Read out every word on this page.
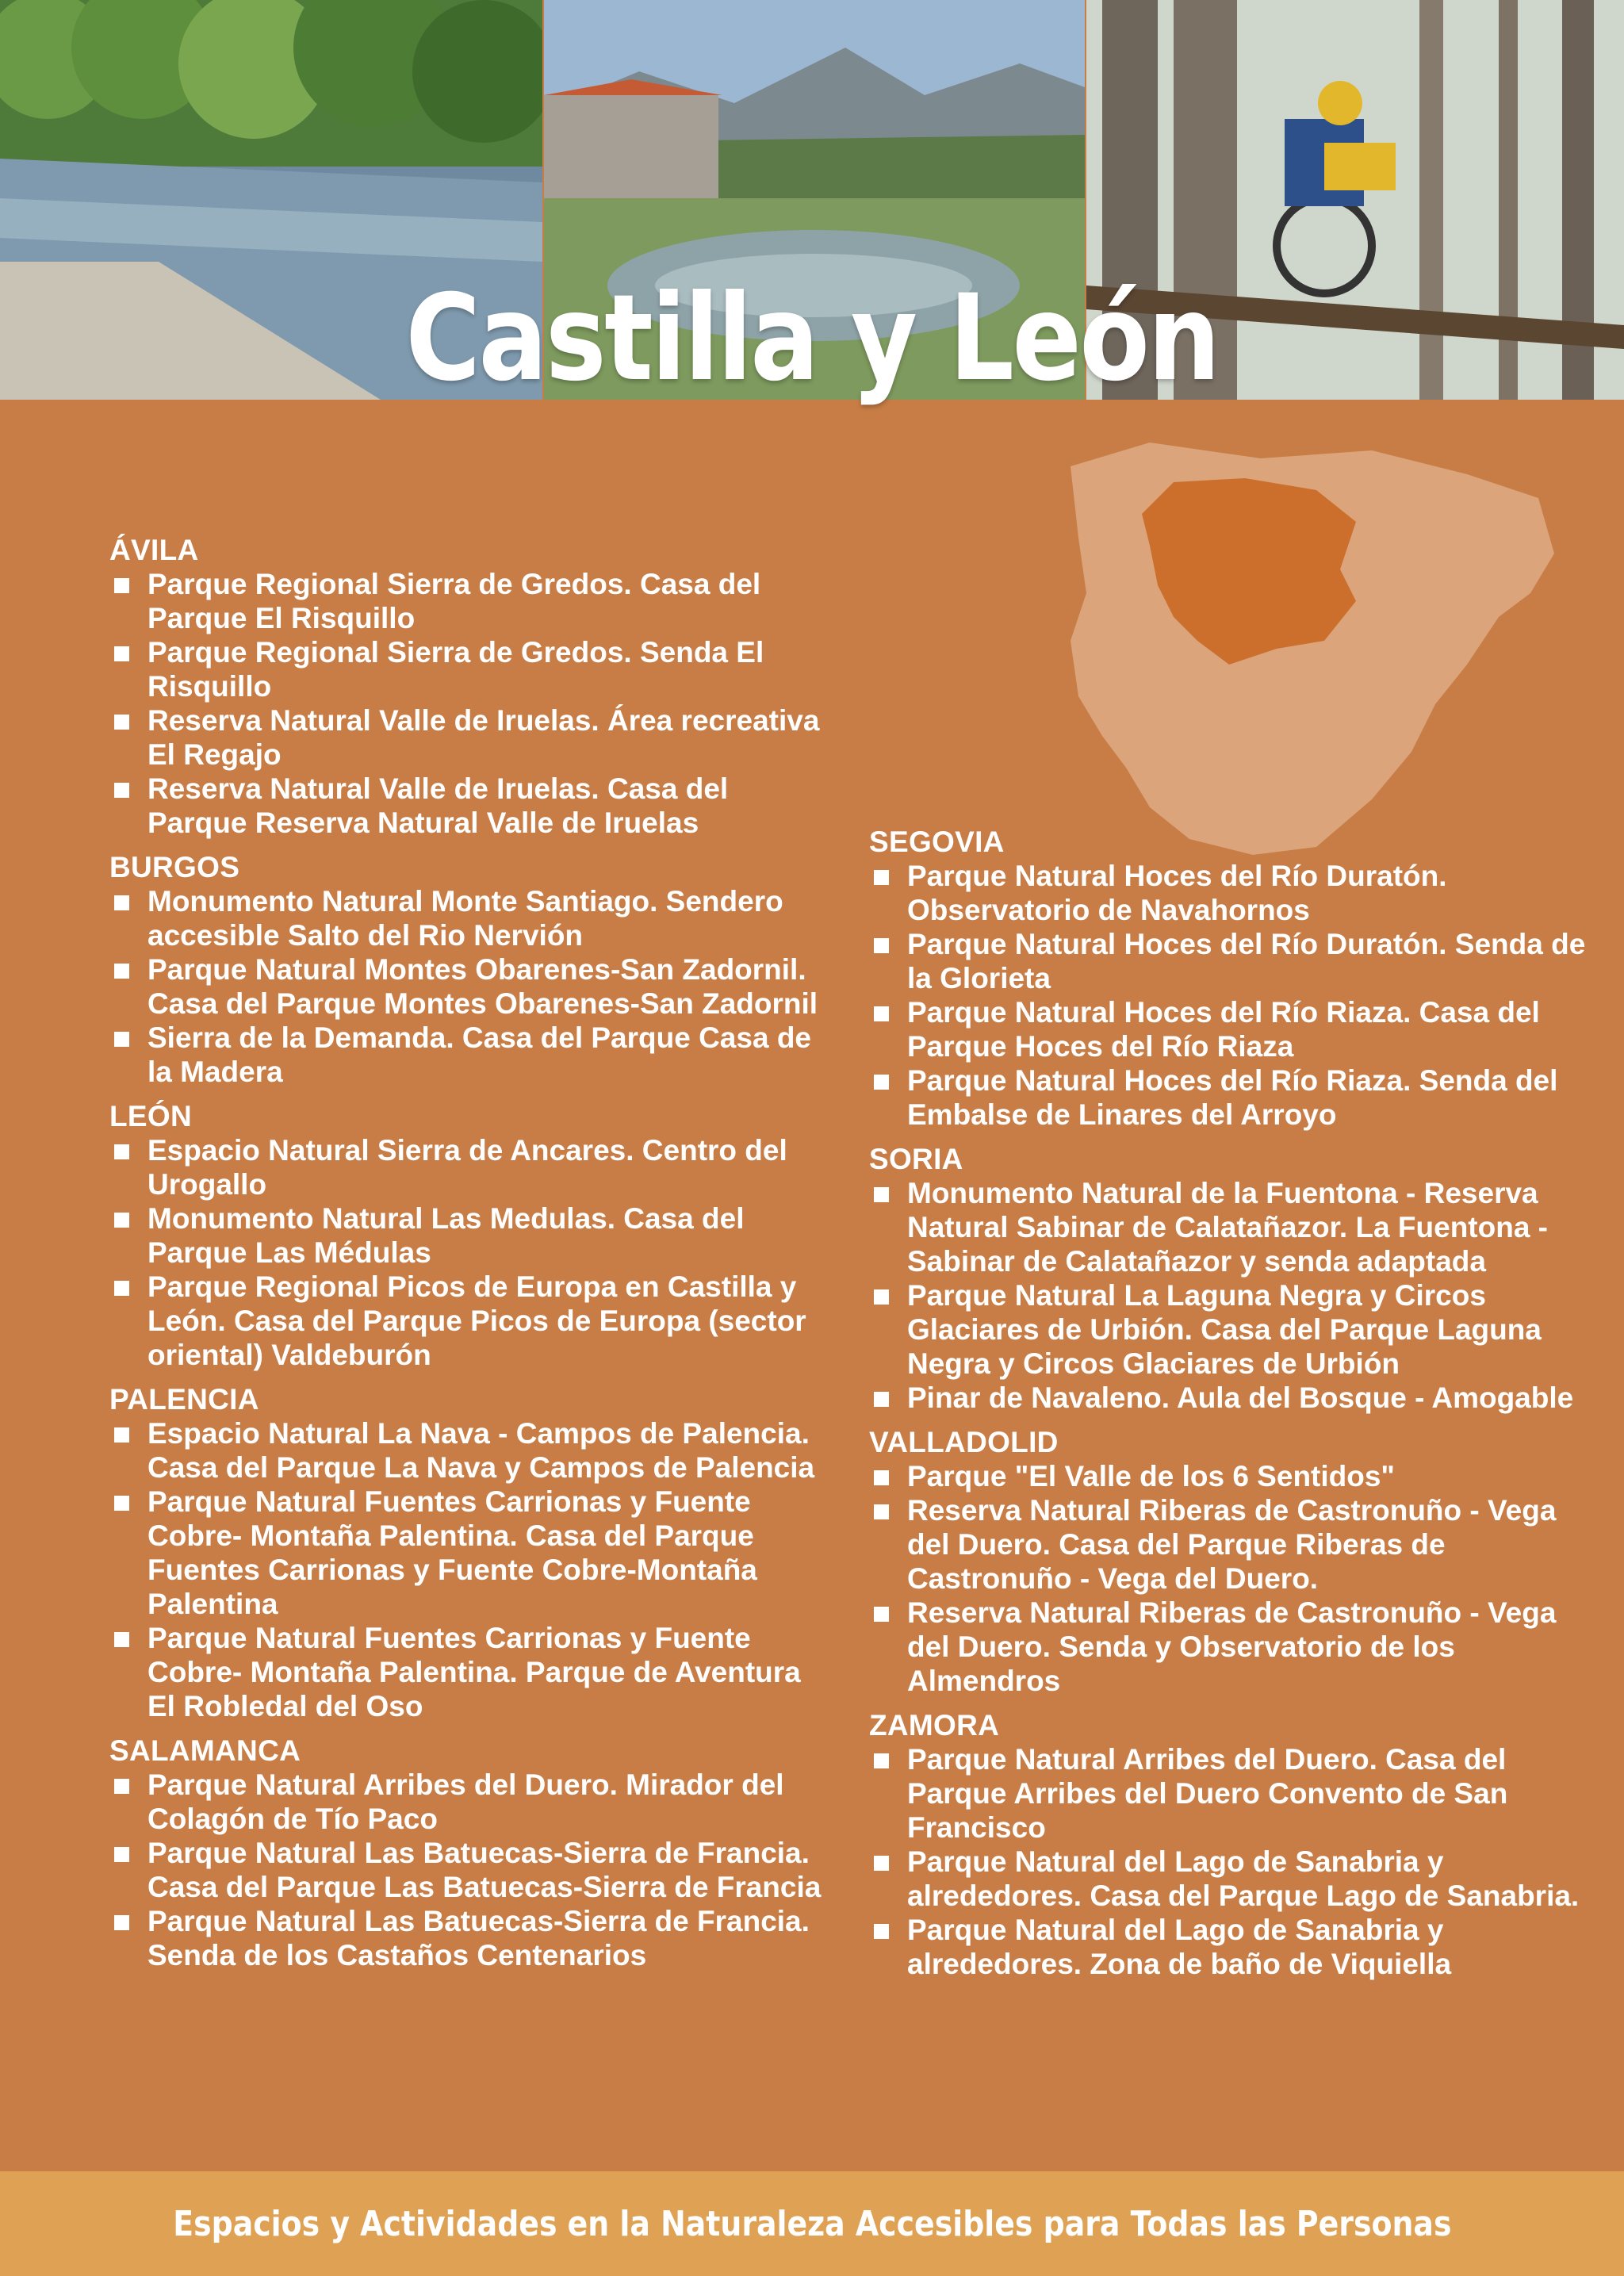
Castilla y León
ÁVILA
Parque Regional Sierra de Gredos. Casa del Parque El Risquillo
Parque Regional Sierra de Gredos. Senda El Risquillo
Reserva Natural Valle de Iruelas. Área recreativa El Regajo
Reserva Natural Valle de Iruelas. Casa del Parque Reserva Natural Valle de Iruelas
BURGOS
Monumento Natural Monte Santiago. Sendero accesible Salto del Rio Nervión
Parque Natural Montes Obarenes-San Zadornil. Casa del Parque Montes Obarenes-San Zadornil
Sierra de la Demanda. Casa del Parque Casa de la Madera
LEÓN
Espacio Natural Sierra de Ancares. Centro del Urogallo
Monumento Natural Las Medulas. Casa del Parque Las Médulas
Parque Regional Picos de Europa en Castilla y León. Casa del Parque Picos de Europa (sector oriental) Valdeburón
PALENCIA
Espacio Natural La Nava - Campos de Palencia. Casa del Parque La Nava y Campos de Palencia
Parque Natural Fuentes Carrionas y Fuente Cobre- Montaña Palentina. Casa del Parque Fuentes Carrionas y Fuente Cobre-Montaña Palentina
Parque Natural Fuentes Carrionas y Fuente Cobre- Montaña Palentina. Parque de Aventura El Robledal del Oso
SALAMANCA
Parque Natural Arribes del Duero. Mirador del Colagón de Tío Paco
Parque Natural Las Batuecas-Sierra de Francia. Casa del Parque Las Batuecas-Sierra de Francia
Parque Natural Las Batuecas-Sierra de Francia. Senda de los Castaños Centenarios
SEGOVIA
Parque Natural Hoces del Río Duratón. Observatorio de Navahornos
Parque Natural Hoces del Río Duratón. Senda de la Glorieta
Parque Natural Hoces del Río Riaza. Casa del Parque Hoces del Río Riaza
Parque Natural Hoces del Río Riaza. Senda del Embalse de Linares del Arroyo
SORIA
Monumento Natural de la Fuentona - Reserva Natural Sabinar de Calatañazor. La Fuentona - Sabinar de Calatañazor y senda adaptada
Parque Natural La Laguna Negra y Circos Glaciares de Urbión. Casa del Parque Laguna Negra y Circos Glaciares de Urbión
Pinar de Navaleno. Aula del Bosque - Amogable
VALLADOLID
Parque "El Valle de los 6 Sentidos"
Reserva Natural Riberas de Castronuño - Vega del Duero. Casa del Parque Riberas de Castronuño - Vega del Duero.
Reserva Natural Riberas de Castronuño - Vega del Duero. Senda y Observatorio de los Almendros
ZAMORA
Parque Natural Arribes del Duero. Casa del Parque Arribes del Duero Convento de San Francisco
Parque Natural del Lago de Sanabria y alrededores. Casa del Parque Lago de Sanabria.
Parque Natural del Lago de Sanabria y alrededores. Zona de baño de Viquiella
Espacios y Actividades en la Naturaleza Accesibles para Todas las Personas
